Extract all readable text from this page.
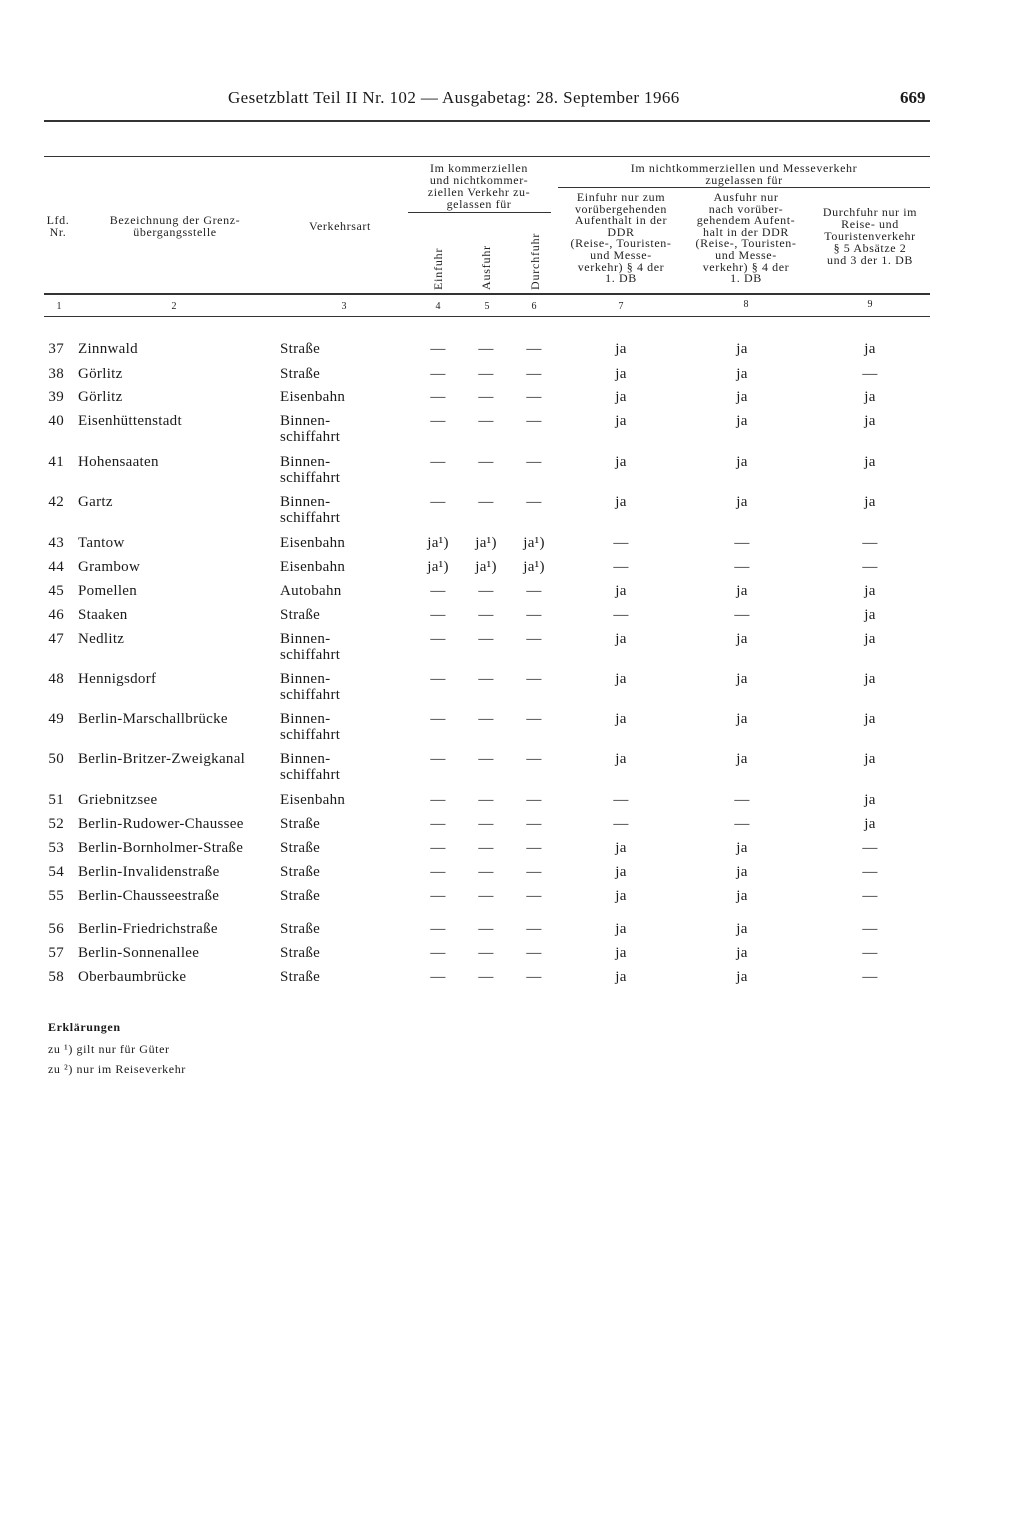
Gesetzblatt Teil II Nr. 102 — Ausgabetag: 28. September 1966	669
Lfd.
Nr.
Bezeichnung der Grenz-
übergangsstelle	Verkehrsart
Im kommerziellen
und nichtkommer-
ziellen Verkehr zu-
gelassen für
Einfuhr	Ausfuhr	Durchfuhr
Im nichtkommerziellen und Messeverkehr
zugelassen für
Einfuhr nur zum
vorübergehenden
Aufenthalt in der
DDR
(Reise-, Touristen-
und Messe-
verkehr) § 4 der
1. DB
Ausfuhr nur
nach vorüber-
gehendem Aufent-
halt in der DDR
(Reise-, Touristen-
und Messe-
verkehr) § 4 der
1. DB
Durchfuhr nur im
Reise- und
Touristenverkehr
§ 5 Absätze 2
und 3 der 1. DB
1	2	3	4	5	6	7	8	9
37 Zinnwald	Straße	—	—	—	ja	ja	ja
38 Görlitz	Straße	—	—	—	ja	ja	—
39 Görlitz	Eisenbahn	—	—	—	ja	ja	ja
40 Eisenhüttenstadt	Binnen-
schiffahrt
—	—	—	ja	ja	ja
41 Hohensaaten	Binnen-
schiffahrt
—	—	—	ja	ja	ja
42 Gartz	Binnen-
schiffahrt
—	—	—	ja	ja	ja
43 Tantow	Eisenbahn	ja¹)	ja¹)	ja¹)	—	—	—
44 Grambow	Eisenbahn	ja¹)	ja¹)	ja¹)	—	—	—
45 Pomellen	Autobahn	—	—	—	ja	ja	ja
46 Staaken	Straße	—	—	—	—	—	ja
47 Nedlitz	Binnen-
schiffahrt
—	—	—	ja	ja	ja
48 Hennigsdorf	Binnen-
schiffahrt
—	—	—	ja	ja	ja
49 Berlin-Marschallbrücke	Binnen-
schiffahrt
—	—	—	ja	ja	ja
50 Berlin-Britzer-Zweigkanal Binnen-
schiffahrt
—	—	—	ja	ja	ja
51 Griebnitzsee	Eisenbahn	—	—	—	—	—	ja
52 Berlin-Rudower-Chaussee Straße	—	—	—	—	—	ja
53 Berlin-Bornholmer-Straße Straße	—	—	—	ja	ja	—
54 Berlin-Invalidenstraße	Straße	—	—	—	ja	ja	—
55 Berlin-Chausseestraße	Straße	—	—	—	ja	ja	—
56 Berlin-Friedrichstraße	Straße	—	—	—	ja	ja	—
57 Berlin-Sonnenallee	Straße	—	—	—	ja	ja	—
58 Oberbaumbrücke	Straße	—	—	—	ja	ja	—
Erklärungen
zu ¹) gilt nur für Güter
zu ²) nur im Reiseverkehr
